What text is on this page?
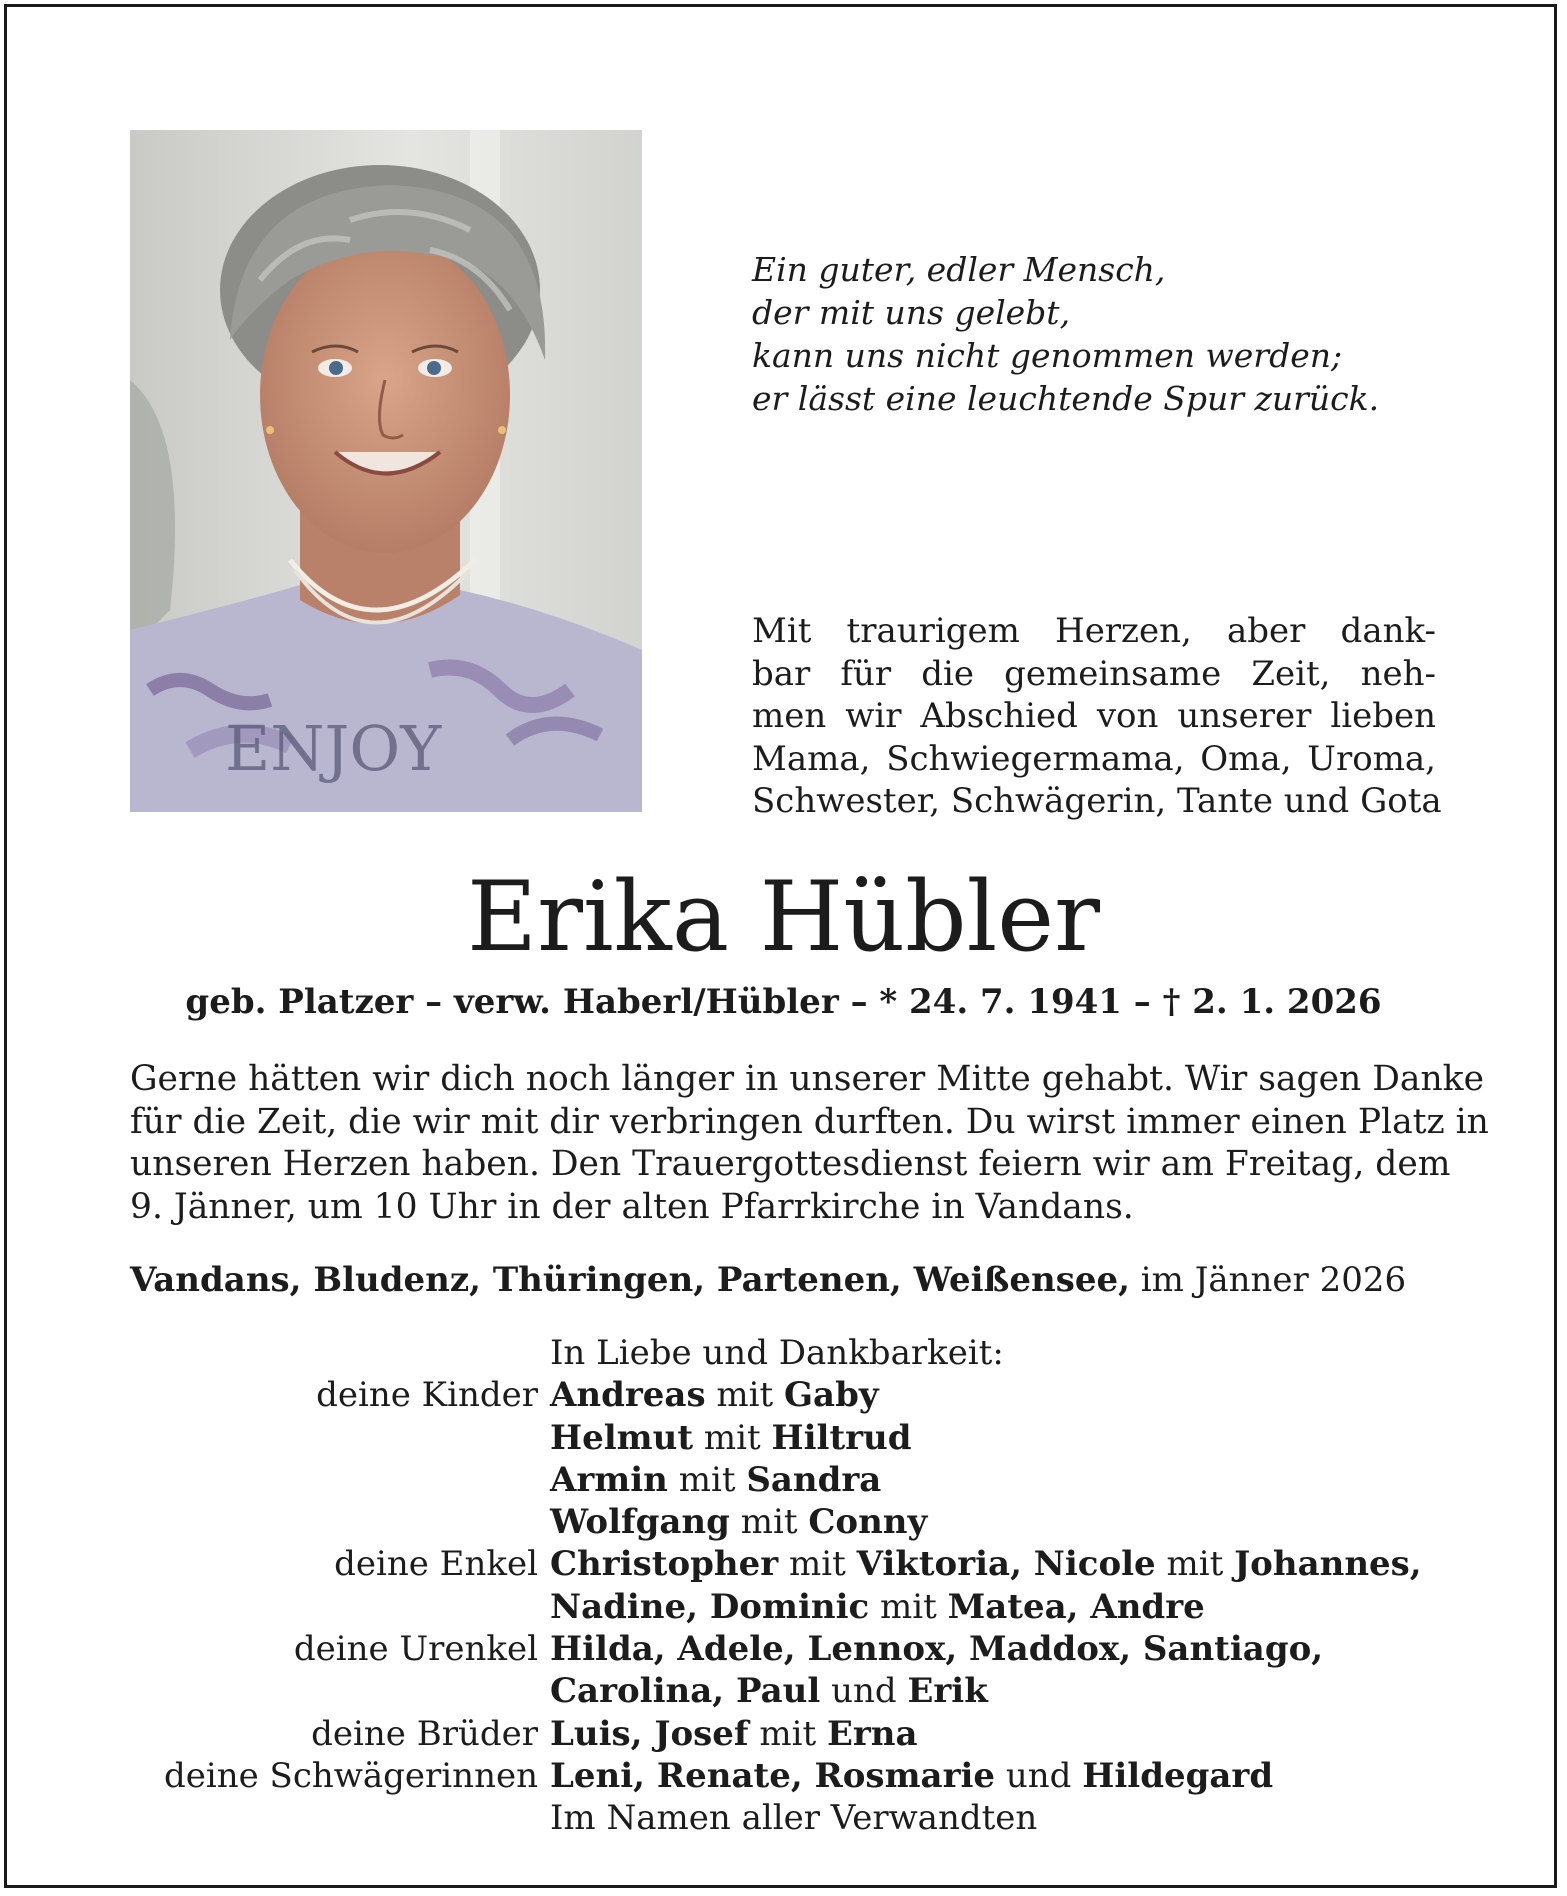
ENJOY
Ein guter, edler Mensch,
der mit uns gelebt,
kann uns nicht genommen werden;
er lässt eine leuchtende Spur zurück.
Mit traurigem Herzen, aber dank-
bar für die gemeinsame Zeit, neh-
men wir Abschied von unserer lieben
Mama, Schwiegermama, Oma, Uroma,
Schwester, Schwägerin, Tante und Gota
Erika Hübler
geb. Platzer – verw. Haberl/Hübler – * 24. 7. 1941 – † 2. 1. 2026
Gerne hätten wir dich noch länger in unserer Mitte gehabt. Wir sagen Danke
für die Zeit, die wir mit dir verbringen durften. Du wirst immer einen Platz in
unseren Herzen haben. Den Trauergottesdienst feiern wir am Freitag, dem
9. Jänner, um 10 Uhr in der alten Pfarrkirche in Vandans.
Vandans, Bludenz, Thüringen, Partenen, Weißensee, im Jänner 2026
In Liebe und Dankbarkeit:
deine Kinder Andreas mit Gaby
Helmut mit Hiltrud
Armin mit Sandra
Wolfgang mit Conny
deine Enkel Christopher mit Viktoria, Nicole mit Johannes,
Nadine, Dominic mit Matea, Andre
deine Urenkel Hilda, Adele, Lennox, Maddox, Santiago,
Carolina, Paul und Erik
deine Brüder Luis, Josef mit Erna
deine Schwägerinnen Leni, Renate, Rosmarie und Hildegard
Im Namen aller Verwandten
